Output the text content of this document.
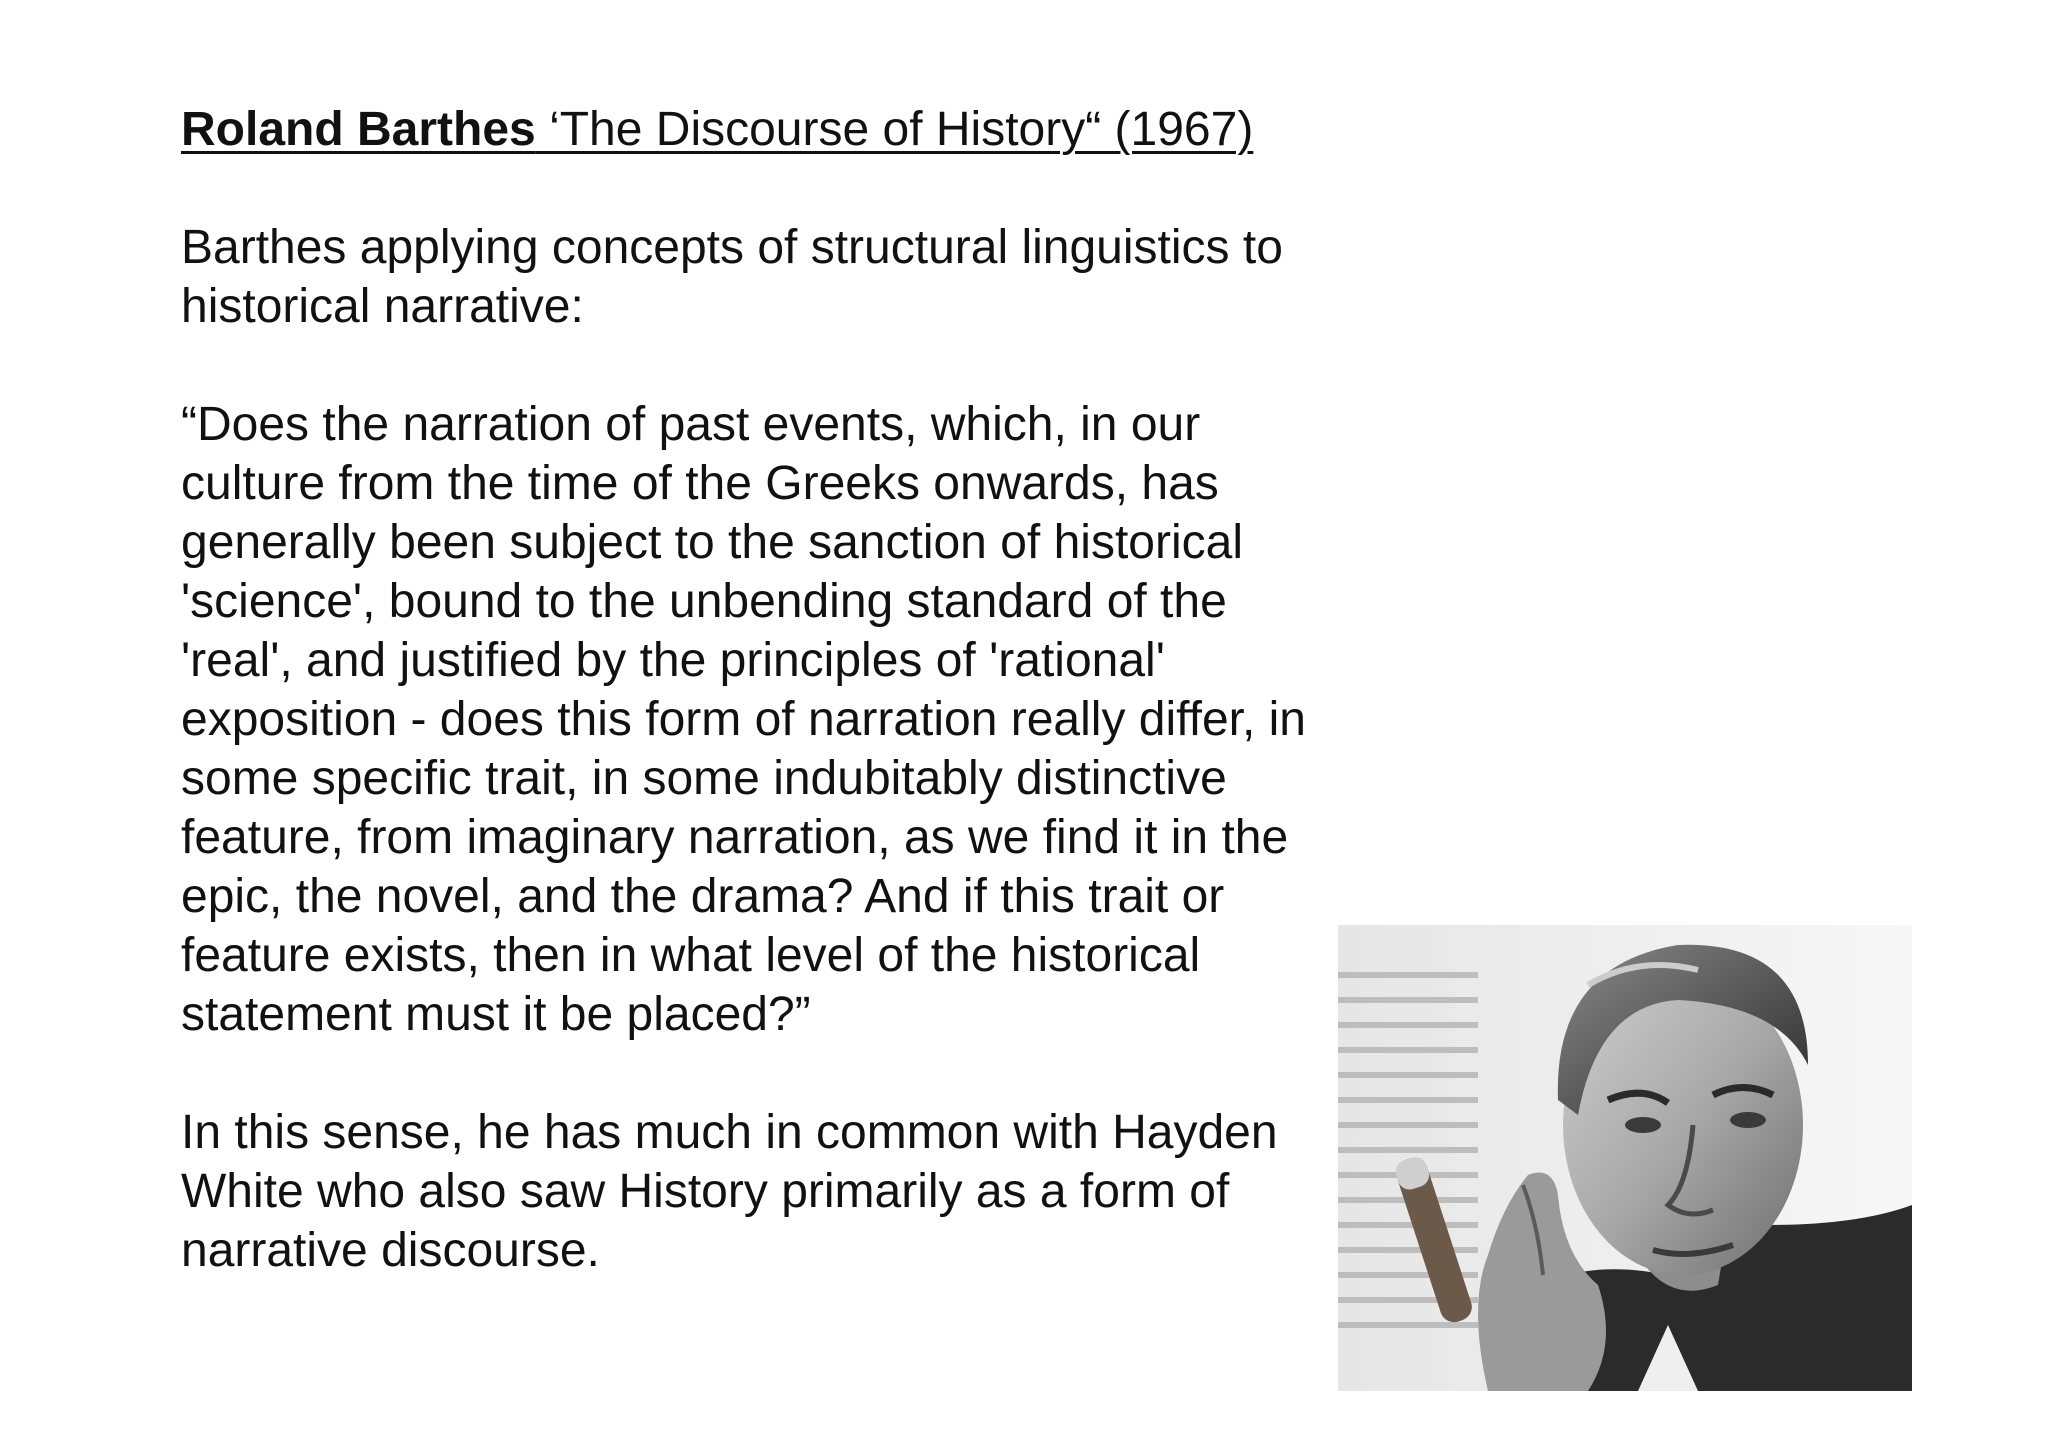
Roland Barthes ‘The Discourse of History“ (1967)

Barthes applying concepts of structural linguistics to
historical narrative:

“Does the narration of past events, which, in our
culture from the time of the Greeks onwards, has
generally been subject to the sanction of historical
'science', bound to the unbending standard of the
'real', and justified by the principles of 'rational'
exposition - does this form of narration really differ, in
some specific trait, in some indubitably distinctive
feature, from imaginary narration, as we find it in the
epic, the novel, and the drama? And if this trait or
feature exists, then in what level of the historical
statement must it be placed?”

In this sense, he has much in common with Hayden
White who also saw History primarily as a form of
narrative discourse.
